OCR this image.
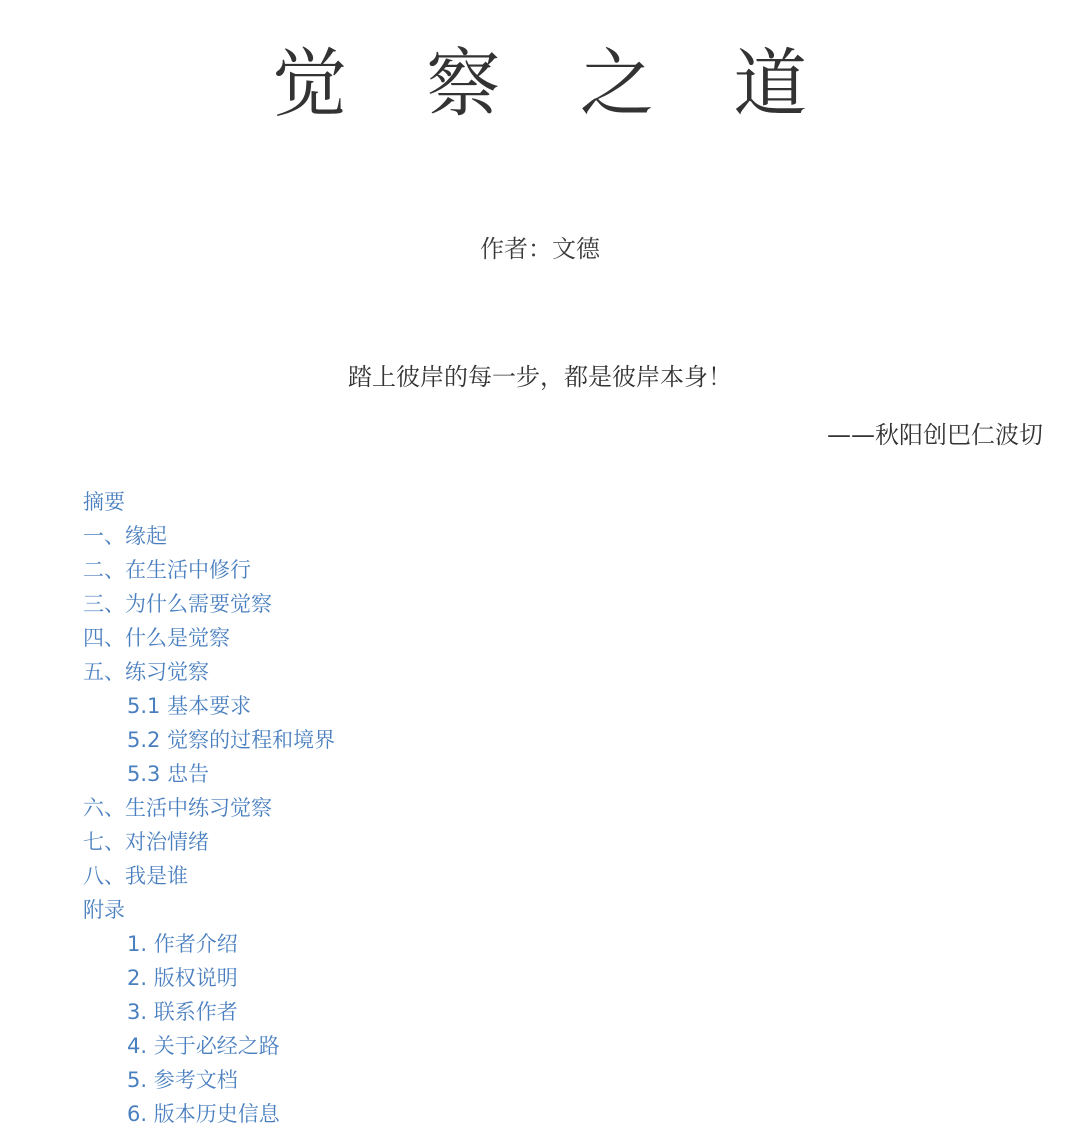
觉 察 之 道
作者：文德
踏上彼岸的每一步，都是彼岸本身！
——秋阳创巴仁波切
摘要
一、缘起
二、在生活中修行
三、为什么需要觉察
四、什么是觉察
五、练习觉察
5.1 基本要求
5.2 觉察的过程和境界
5.3 忠告
六、生活中练习觉察
七、对治情绪
八、我是谁
附录
1. 作者介绍
2. 版权说明
3. 联系作者
4. 关于必经之路
5. 参考文档
6. 版本历史信息
